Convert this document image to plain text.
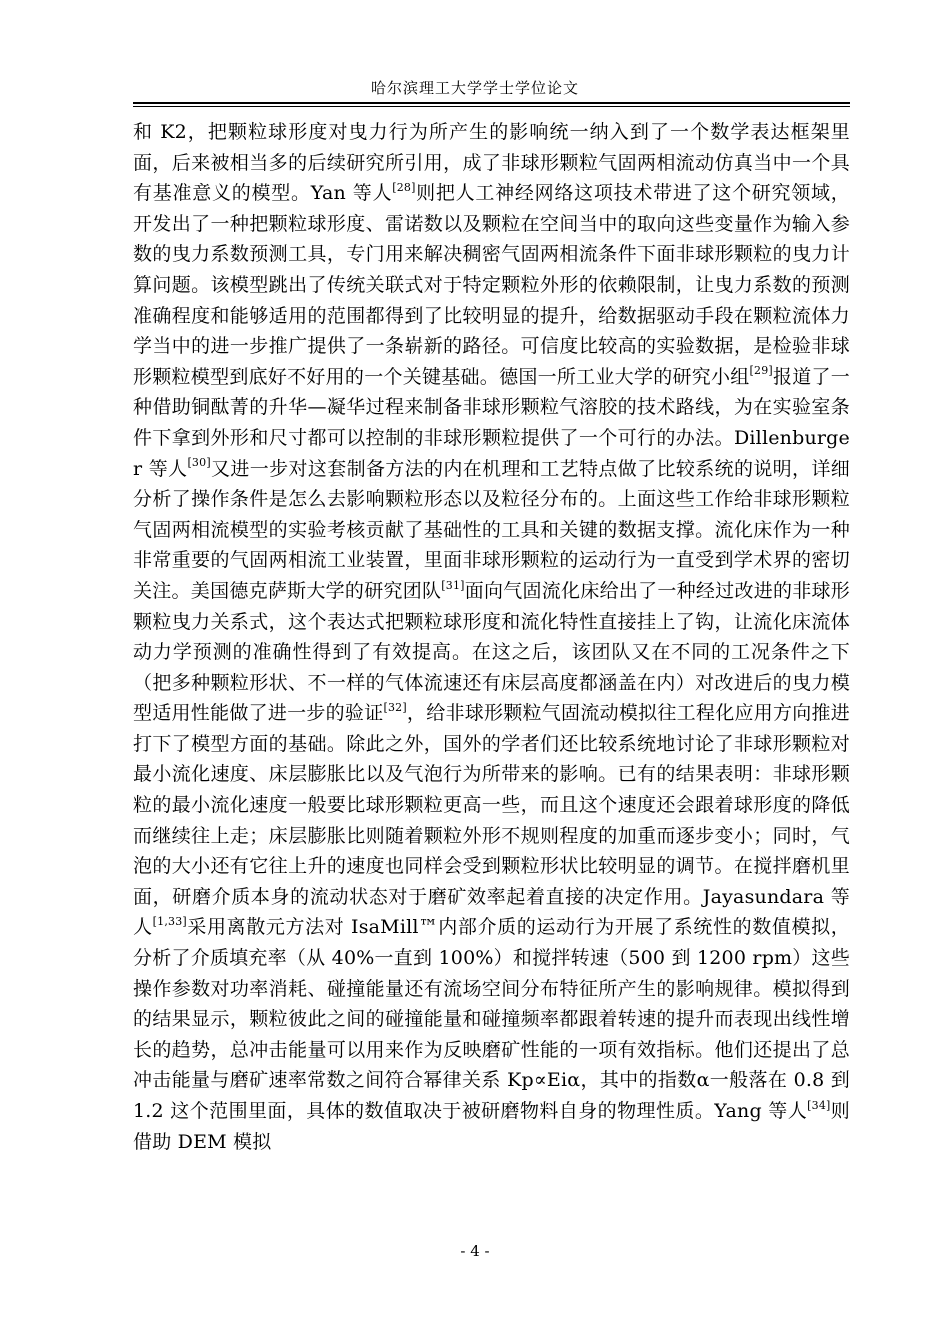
哈尔滨理工大学学士学位论文

和 K2，把颗粒球形度对曳力行为所产生的影响统一纳入到了一个数学表达框架里面，后来被相当多的后续研究所引用，成了非球形颗粒气固两相流动仿真当中一个具有基准意义的模型。Yan 等人[28]则把人工神经网络这项技术带进了这个研究领域，开发出了一种把颗粒球形度、雷诺数以及颗粒在空间当中的取向这些变量作为输入参数的曳力系数预测工具，专门用来解决稠密气固两相流条件下面非球形颗粒的曳力计算问题。该模型跳出了传统关联式对于特定颗粒外形的依赖限制，让曳力系数的预测准确程度和能够适用的范围都得到了比较明显的提升，给数据驱动手段在颗粒流体力学当中的进一步推广提供了一条崭新的路径。可信度比较高的实验数据，是检验非球形颗粒模型到底好不好用的一个关键基础。德国一所工业大学的研究小组[29]报道了一种借助铜酞菁的升华—凝华过程来制备非球形颗粒气溶胶的技术路线，为在实验室条件下拿到外形和尺寸都可以控制的非球形颗粒提供了一个可行的办法。Dillenburger 等人[30]又进一步对这套制备方法的内在机理和工艺特点做了比较系统的说明，详细分析了操作条件是怎么去影响颗粒形态以及粒径分布的。上面这些工作给非球形颗粒气固两相流模型的实验考核贡献了基础性的工具和关键的数据支撑。流化床作为一种非常重要的气固两相流工业装置，里面非球形颗粒的运动行为一直受到学术界的密切关注。美国德克萨斯大学的研究团队[31]面向气固流化床给出了一种经过改进的非球形颗粒曳力关系式，这个表达式把颗粒球形度和流化特性直接挂上了钩，让流化床流体动力学预测的准确性得到了有效提高。在这之后，该团队又在不同的工况条件之下（把多种颗粒形状、不一样的气体流速还有床层高度都涵盖在内）对改进后的曳力模型适用性能做了进一步的验证[32]，给非球形颗粒气固流动模拟往工程化应用方向推进打下了模型方面的基础。除此之外，国外的学者们还比较系统地讨论了非球形颗粒对最小流化速度、床层膨胀比以及气泡行为所带来的影响。已有的结果表明：非球形颗粒的最小流化速度一般要比球形颗粒更高一些，而且这个速度还会跟着球形度的降低而继续往上走；床层膨胀比则随着颗粒外形不规则程度的加重而逐步变小；同时，气泡的大小还有它往上升的速度也同样会受到颗粒形状比较明显的调节。在搅拌磨机里面，研磨介质本身的流动状态对于磨矿效率起着直接的决定作用。Jayasundara 等人[1,33]采用离散元方法对 IsaMill™内部介质的运动行为开展了系统性的数值模拟，分析了介质填充率（从 40%一直到 100%）和搅拌转速（500 到 1200 rpm）这些操作参数对功率消耗、碰撞能量还有流场空间分布特征所产生的影响规律。模拟得到的结果显示，颗粒彼此之间的碰撞能量和碰撞频率都跟着转速的提升而表现出线性增长的趋势，总冲击能量可以用来作为反映磨矿性能的一项有效指标。他们还提出了总冲击能量与磨矿速率常数之间符合幂律关系 Kp∝Eiα，其中的指数α一般落在 0.8 到 1.2 这个范围里面，具体的数值取决于被研磨物料自身的物理性质。Yang 等人[34]则借助 DEM 模拟

- 4 -
